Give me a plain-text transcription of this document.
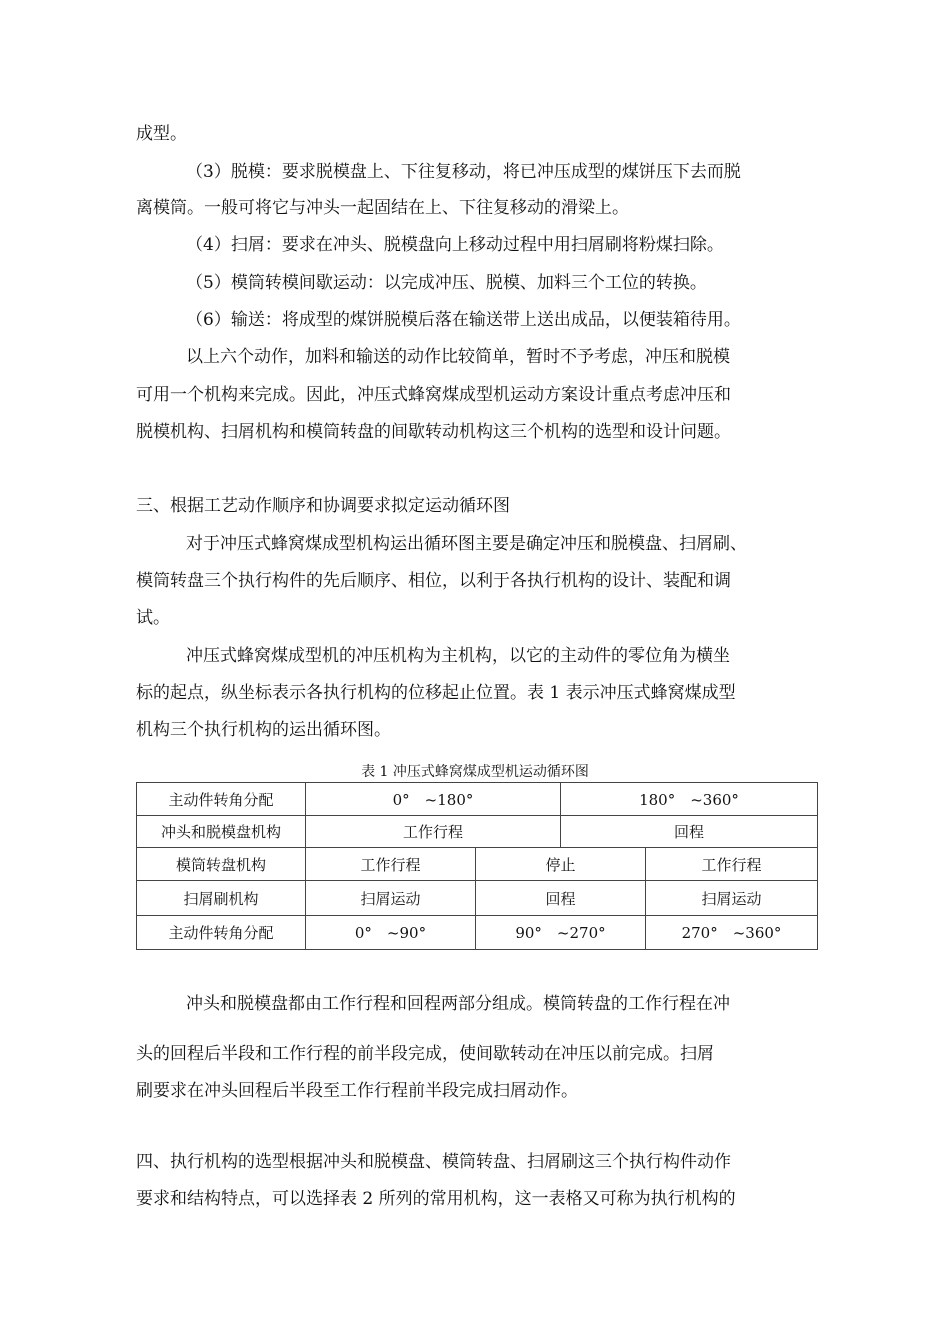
成型。
（3）脱模：要求脱模盘上、下往复移动，将已冲压成型的煤饼压下去而脱
离模筒。一般可将它与冲头一起固结在上、下往复移动的滑梁上。
（4）扫屑：要求在冲头、脱模盘向上移动过程中用扫屑刷将粉煤扫除。
（5）模筒转模间歇运动：以完成冲压、脱模、加料三个工位的转换。
（6）输送：将成型的煤饼脱模后落在输送带上送出成品，以便装箱待用。
以上六个动作，加料和输送的动作比较简单，暂时不予考虑，冲压和脱模
可用一个机构来完成。因此，冲压式蜂窝煤成型机运动方案设计重点考虑冲压和
脱模机构、扫屑机构和模筒转盘的间歇转动机构这三个机构的选型和设计问题。
三、根据工艺动作顺序和协调要求拟定运动循环图
对于冲压式蜂窝煤成型机构运出循环图主要是确定冲压和脱模盘、扫屑刷、
模筒转盘三个执行构件的先后顺序、相位，以利于各执行机构的设计、装配和调
试。
冲压式蜂窝煤成型机的冲压机构为主机构，以它的主动件的零位角为横坐
标的起点，纵坐标表示各执行机构的位移起止位置。表 1 表示冲压式蜂窝煤成型
机构三个执行机构的运出循环图。
表 1 冲压式蜂窝煤成型机运动循环图
主动件转角分配	0°　~180°		180°　~360°	
冲头和脱模盘机构	工作行程		回程	
模筒转盘机构	工作行程	停止		工作行程
扫屑刷机构	扫屑运动	回程		扫屑运动
主动件转角分配	0°　~90°	90°　~270°		270°　~360°
冲头和脱模盘都由工作行程和回程两部分组成。模筒转盘的工作行程在冲
头的回程后半段和工作行程的前半段完成，使间歇转动在冲压以前完成。扫屑
刷要求在冲头回程后半段至工作行程前半段完成扫屑动作。
四、执行机构的选型根据冲头和脱模盘、模筒转盘、扫屑刷这三个执行构件动作
要求和结构特点，可以选择表 2 所列的常用机构，这一表格又可称为执行机构的
